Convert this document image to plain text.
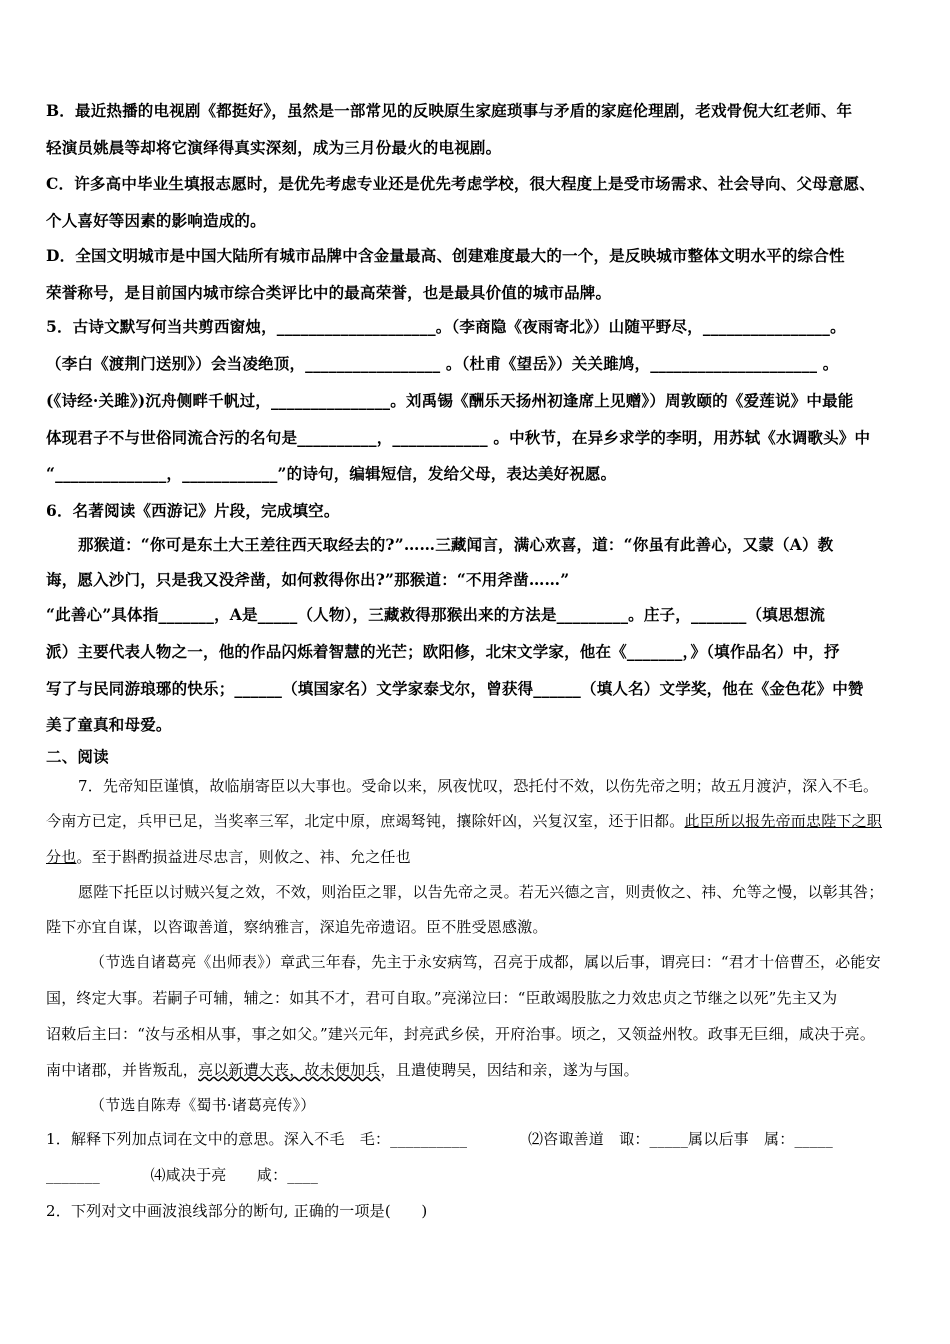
B．最近热播的电视剧《都挺好》，虽然是一部常见的反映原生家庭琐事与矛盾的家庭伦理剧，老戏骨倪大红老师、年
轻演员姚晨等却将它演绎得真实深刻，成为三月份最火的电视剧。
C．许多高中毕业生填报志愿时，是优先考虑专业还是优先考虑学校，很大程度上是受市场需求、社会导向、父母意愿、
个人喜好等因素的影响造成的。
D．全国文明城市是中国大陆所有城市品牌中含金量最高、创建难度最大的一个，是反映城市整体文明水平的综合性
荣誉称号，是目前国内城市综合类评比中的最高荣誉，也是最具价值的城市品牌。
5．古诗文默写何当共剪西窗烛，____________________。（李商隐《夜雨寄北》）山随平野尽，________________。
（李白《渡荆门送别》）会当凌绝顶，_________________ 。（杜甫《望岳》）关关雎鸠，_____________________ 。
(《诗经·关雎》)沉舟侧畔千帆过，_______________。刘禹锡《酬乐天扬州初逢席上见赠》）周敦颐的《爱莲说》中最能
体现君子不与世俗同流合污的名句是__________，____________ 。中秋节，在异乡求学的李明，用苏轼《水调歌头》中
“______________，____________”的诗句，编辑短信，发给父母，表达美好祝愿。
6．名著阅读《西游记》片段，完成填空。
那猴道：“你可是东土大王差往西天取经去的?”……三藏闻言，满心欢喜，道：“你虽有此善心，又蒙（A）教
诲，愿入沙门，只是我又没斧凿，如何救得你出?”那猴道：“不用斧凿……”
“此善心”具体指_______，A是_____（人物），三藏救得那猴出来的方法是_________。庄子，_______（填思想流
派）主要代表人物之一，他的作品闪烁着智慧的光芒；欧阳修，北宋文学家，他在《_______，》（填作品名）中，抒
写了与民同游琅琊的快乐；______（填国家名）文学家泰戈尔，曾获得______（填人名）文学奖，他在《金色花》中赞
美了童真和母爱。
二、阅读
7．先帝知臣谨慎，故临崩寄臣以大事也。受命以来，夙夜忧叹，恐托付不效，以伤先帝之明；故五月渡泸，深入不毛。
今南方已定，兵甲已足，当奖率三军，北定中原，庶竭驽钝，攘除奸凶，兴复汉室，还于旧都。此臣所以报先帝而忠陛下之职
分也。至于斟酌损益进尽忠言，则攸之、祎、允之任也
愿陛下托臣以讨贼兴复之效，不效，则治臣之罪，以告先帝之灵。若无兴德之言，则责攸之、祎、允等之慢，以彰其咎；
陛下亦宜自谋，以咨诹善道，察纳雅言，深追先帝遗诏。臣不胜受恩感激。
（节选自诸葛亮《出师表》）章武三年春，先主于永安病笃，召亮于成都，属以后事，谓亮曰：“君才十倍曹丕，必能安
国，终定大事。若嗣子可辅，辅之：如其不才，君可自取。”亮涕泣曰：“臣敢竭股肱之力效忠贞之节继之以死”先主又为
诏敕后主曰：“汝与丞相从事，事之如父。”建兴元年，封亮武乡侯，开府治事。顷之，又领益州牧。政事无巨细，咸决于亮。
南中诸郡，并皆叛乱，亮以新遭大丧，故未便加兵，且遣使聘吴，因结和亲，遂为与国。
（节选自陈寿《蜀书·诸葛亮传》）
1．解释下列加点词在文中的意思。深入不毛　毛：__________　　　　⑵咨诹善道　诹：_____属以后事　属：_____
_______　　　 ⑷咸决于亮　　咸：____
2．下列对文中画波浪线部分的断句, 正确的一项是(　　)
